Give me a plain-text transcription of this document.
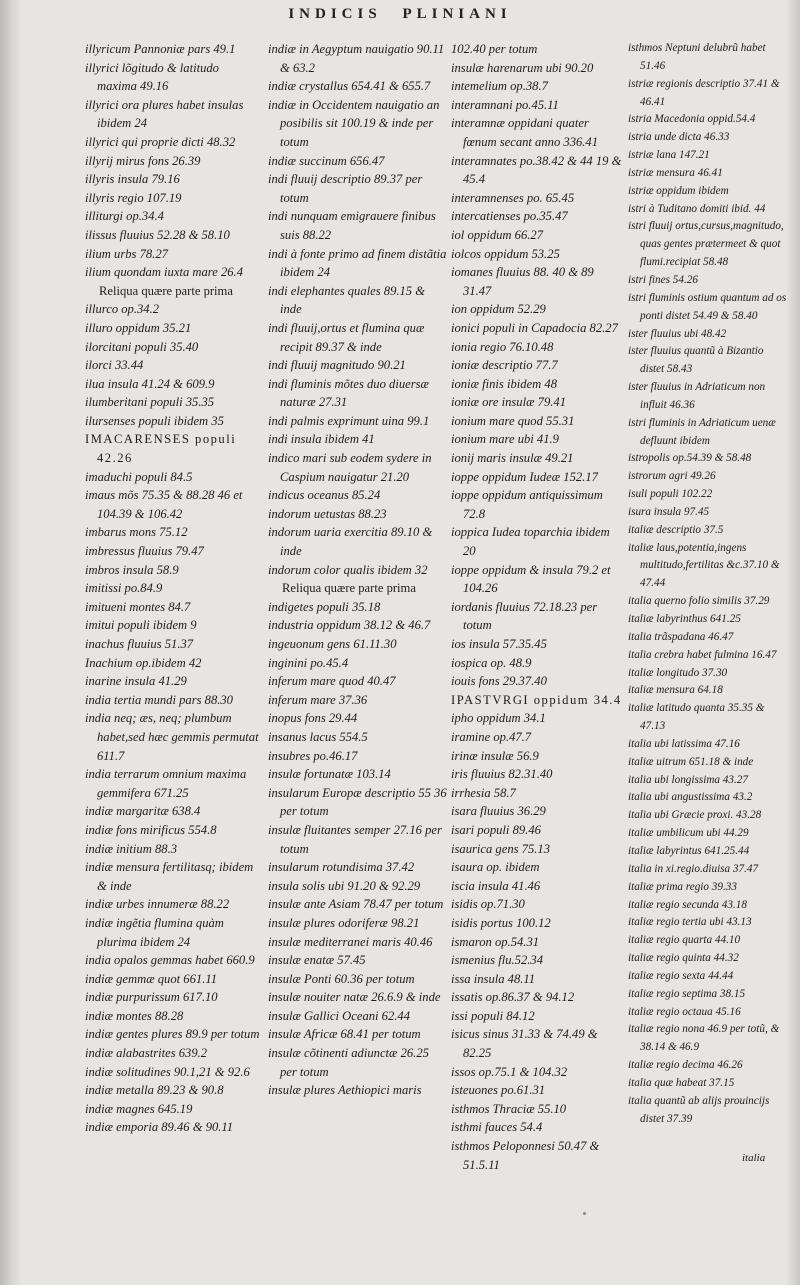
INDICIS PLINIANI
illyricum Pannoniæ pars 49.1
illyrici lõgitudo & latitudo maxima 49.16
illyrici ora plures habet insulas ibidem 24
illyrici qui proprie dicti 48.32
illyrij mirus fons 26.39
illyris insula 79.16
illyris regio 107.19
illiturgi op.34.4
ilissus fluuius 52.28 & 58.10
ilium urbs 78.27
ilium quondam iuxta mare 26.4
Reliqua quære parte prima
illurco op.34.2
illuro oppidum 35.21
ilorcitani populi 35.40
ilorci 33.44
ilua insula 41.24 & 609.9
ilumberitani populi 35.35
ilursenses populi ibidem 35
IMACARENSES populi 42.26
imaduchi populi 84.5
imaus mõs 75.35 & 88.28 46 et 104.39 & 106.42
imbarus mons 75.12
imbressus fluuius 79.47
imbros insula 58.9
imitissi po.84.9
imitueni montes 84.7
imitui populi ibidem 9
inachus fluuius 51.37
Inachium op.ibidem 42
inarine insula 41.29
india tertia mundi pars 88.30
india neq; æs, neq; plumbum habet,sed hæc gemmis permutat 611.7
india terrarum omnium maxima gemmifera 671.25
indiæ margaritæ 638.4
indiæ fons mirificus 554.8
indiæ initium 88.3
indiæ mensura fertilitasq; ibidem & inde
indiæ urbes innumeræ 88.22
indiæ ingẽtia flumina quàm plurima ibidem 24
india opalos gemmas habet 660.9
indiæ gemmæ quot 661.11
indiæ purpurissum 617.10
indiæ montes 88.28
indiæ gentes plures 89.9 per totum
indiæ alabastrites 639.2
indiæ solitudines 90.1,21 & 92.6
indiæ metalla 89.23 & 90.8
indiæ magnes 645.19
indiæ emporia 89.46 & 90.11
indiæ in Aegyptum nauigatio 90.11 & 63.2
indiæ crystallus 654.41 & 655.7
indiæ in Occidentem nauigatio an posibilis sit 100.19 & inde per totum
indiæ succinum 656.47
indi fluuij descriptio 89.37 per totum
indi nunquam emigrauere finibus suis 88.22
indi à fonte primo ad finem distãtia ibidem 24
indi elephantes quales 89.15 & inde
indi fluuij,ortus et flumina quæ recipit 89.37 & inde
indi fluuij magnitudo 90.21
indi fluminis mõtes duo diuersæ naturæ 27.31
indi palmis exprimunt uina 99.1
indi insula ibidem 41
indico mari sub eodem sydere in Caspium nauigatur 21.20
indicus oceanus 85.24
indorum uetustas 88.23
indorum uaria exercitia 89.10 & inde
indorum color qualis ibidem 32
Reliqua quære parte prima
indigetes populi 35.18
industria oppidum 38.12 & 46.7
ingeuonum gens 61.11.30
inginini po.45.4
inferum mare quod 40.47
inferum mare 37.36
inopus fons 29.44
insanus lacus 554.5
insubres po.46.17
insulæ fortunatæ 103.14
insularum Europæ descriptio 55 36 per totum
insulæ fluitantes semper 27.16 per totum
insularum rotundisima 37.42
insula solis ubi 91.20 & 92.29
insulæ ante Asiam 78.47 per totum
insulæ plures odoriferæ 98.21
insulæ mediterranei maris 40.46
insulæ enatæ 57.45
insulæ Ponti 60.36 per totum
insulæ nouiter natæ 26.6.9 & inde
insulæ Gallici Oceani 62.44
insulæ Africæ 68.41 per totum
insulæ cõtinenti adiunctæ 26.25 per totum
insulæ plures Aethiopici maris
102.40 per totum
insulæ harenarum ubi 90.20
intemelium op.38.7
interamnani po.45.11
interamnæ oppidani quater fœnum secant anno 336.41
interamnates po.38.42 & 44 19 & 45.4
interamnenses po. 65.45
intercatienses po.35.47
iol oppidum 66.27
iolcos oppidum 53.25
iomanes fluuius 88. 40 & 89 31.47
ion oppidum 52.29
ionici populi in Capadocia 82.27
ionia regio 76.10.48
ioniæ descriptio 77.7
ioniæ finis ibidem 48
ioniæ ore insulæ 79.41
ionium mare quod 55.31
ionium mare ubi 41.9
ionij maris insulæ 49.21
ioppe oppidum Iudeæ 152.17
ioppe oppidum antiquissimum 72.8
ioppica Iudea toparchia ibidem 20
ioppe oppidum & insula 79.2 et 104.26
iordanis fluuius 72.18.23 per totum
ios insula 57.35.45
iospica op. 48.9
iouis fons 29.37.40
IPASTVRGI oppidum 34.4
ipho oppidum 34.1
iramine op.47.7
irinæ insulæ 56.9
iris fluuius 82.31.40
irrhesia 58.7
isara fluuius 36.29
isari populi 89.46
isaurica gens 75.13
isaura op. ibidem
iscia insula 41.46
isidis op.71.30
isidis portus 100.12
ismaron op.54.31
ismenius flu.52.34
issa insula 48.11
issatis op.86.37 & 94.12
issi populi 84.12
isicus sinus 31.33 & 74.49 & 82.25
issos op.75.1 & 104.32
isteuones po.61.31
isthmos Thraciæ 55.10
isthmi fauces 54.4
isthmos Peloponnesi 50.47 & 51.5.11
isthmos Neptuni delubrũ habet 51.46
istriæ regionis descriptio 37.41 & 46.41
istria Macedonia oppid.54.4
istria unde dicta 46.33
istriæ lana 147.21
istriæ mensura 46.41
istriæ oppidum ibidem
istri à Tuditano domiti ibid. 44
istri fluuij ortus,cursus,magnitudo, quas gentes prætermeet & quot flumi.recipiat 58.48
istri fines 54.26
istri fluminis ostium quantum ad os ponti distet 54.49 & 58.40
ister fluuius ubi 48.42
ister fluuius quantũ à Bizantio distet 58.43
ister fluuius in Adriaticum non influit 46.36
istri fluminis in Adriaticum uenæ defluunt ibidem
istropolis op.54.39 & 58.48
istrorum agri 49.26
isuli populi 102.22
isura insula 97.45
italiæ descriptio 37.5
italiæ laus,potentia,ingens multitudo,fertilitas &c.37.10 & 47.44
italia querno folio similis 37.29
italiæ labyrinthus 641.25
italia trãspadana 46.47
italia crebra habet fulmina 16.47
italiæ longitudo 37.30
italiæ mensura 64.18
italiæ latitudo quanta 35.35 & 47.13
italia ubi latissima 47.16
italiæ uitrum 651.18 & inde
italia ubi longissima 43.27
italia ubi angustissima 43.2
italia ubi Græcie proxi. 43.28
italiæ umbilicum ubi 44.29
italiæ labyrintus 641.25.44
italia in xi.regio.diuisa 37.47
italiæ prima regio 39.33
italiæ regio secunda 43.18
italiæ regio tertia ubi 43.13
italiæ regio quarta 44.10
italiæ regio quinta 44.32
italiæ regio sexta 44.44
italiæ regio septima 38.15
italiæ regio octaua 45.16
italiæ regio nona 46.9 per totũ, & 38.14 & 46.9
italiæ regio decima 46.26
italia quæ habeat 37.15
italia quantũ ab alijs prouincijs distet 37.39
italia
